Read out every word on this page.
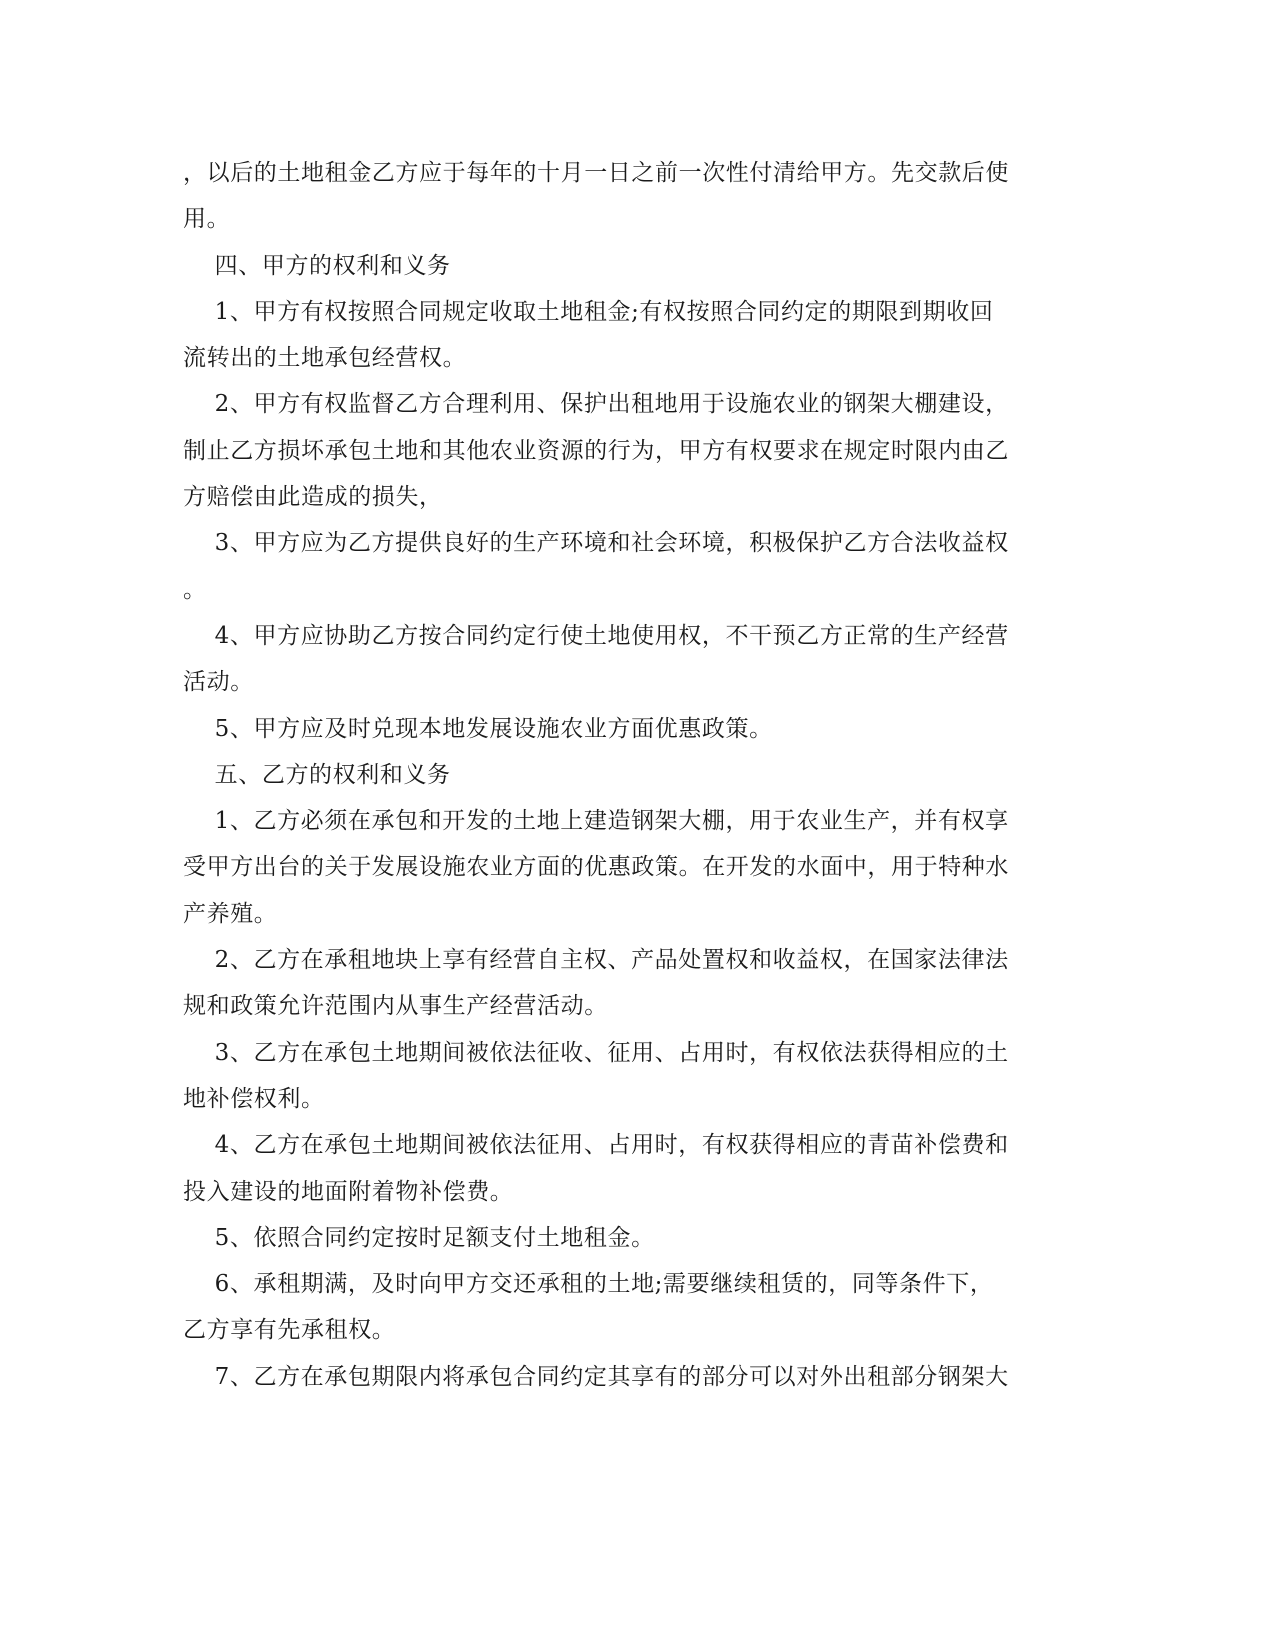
，以后的土地租金乙方应于每年的十月一日之前一次性付清给甲方。先交款后使
用。
四、甲方的权利和义务
1、甲方有权按照合同规定收取土地租金;有权按照合同约定的期限到期收回
流转出的土地承包经营权。
2、甲方有权监督乙方合理利用、保护出租地用于设施农业的钢架大棚建设，
制止乙方损坏承包土地和其他农业资源的行为，甲方有权要求在规定时限内由乙
方赔偿由此造成的损失，
3、甲方应为乙方提供良好的生产环境和社会环境，积极保护乙方合法收益权
。
4、甲方应协助乙方按合同约定行使土地使用权，不干预乙方正常的生产经营
活动。
5、甲方应及时兑现本地发展设施农业方面优惠政策。
五、乙方的权利和义务
1、乙方必须在承包和开发的土地上建造钢架大棚，用于农业生产，并有权享
受甲方出台的关于发展设施农业方面的优惠政策。在开发的水面中，用于特种水
产养殖。
2、乙方在承租地块上享有经营自主权、产品处置权和收益权，在国家法律法
规和政策允许范围内从事生产经营活动。
3、乙方在承包土地期间被依法征收、征用、占用时，有权依法获得相应的土
地补偿权利。
4、乙方在承包土地期间被依法征用、占用时，有权获得相应的青苗补偿费和
投入建设的地面附着物补偿费。
5、依照合同约定按时足额支付土地租金。
6、承租期满，及时向甲方交还承租的土地;需要继续租赁的，同等条件下，
乙方享有先承租权。
7、乙方在承包期限内将承包合同约定其享有的部分可以对外出租部分钢架大
